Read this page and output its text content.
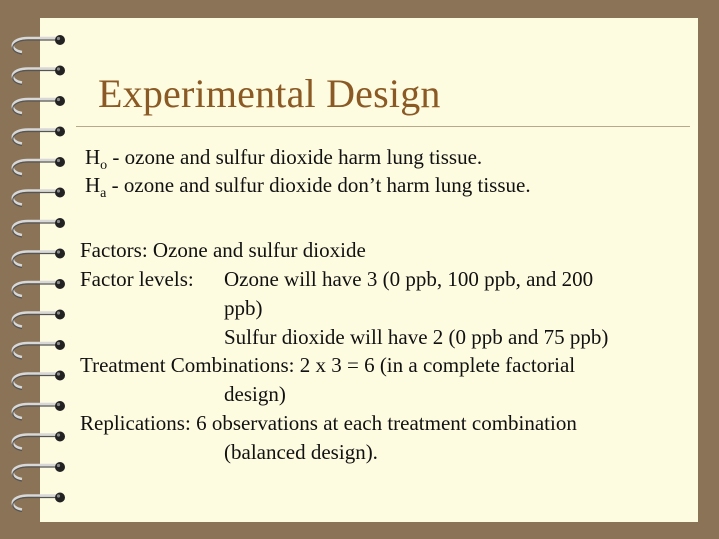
Experimental Design
$H_o$ - ozone and sulfur dioxide harm lung tissue.
$H_a$ - ozone and sulfur dioxide don’t harm lung tissue.
Factors: Ozone and sulfur dioxide
Factor levels: Ozone will have 3 (0 ppb, 100 ppb, and 200
ppb)
Sulfur dioxide will have 2 (0 ppb and 75 ppb)
Treatment Combinations: 2 x 3 = 6 (in a complete factorial
design)
Replications: 6 observations at each treatment combination
(balanced design).
